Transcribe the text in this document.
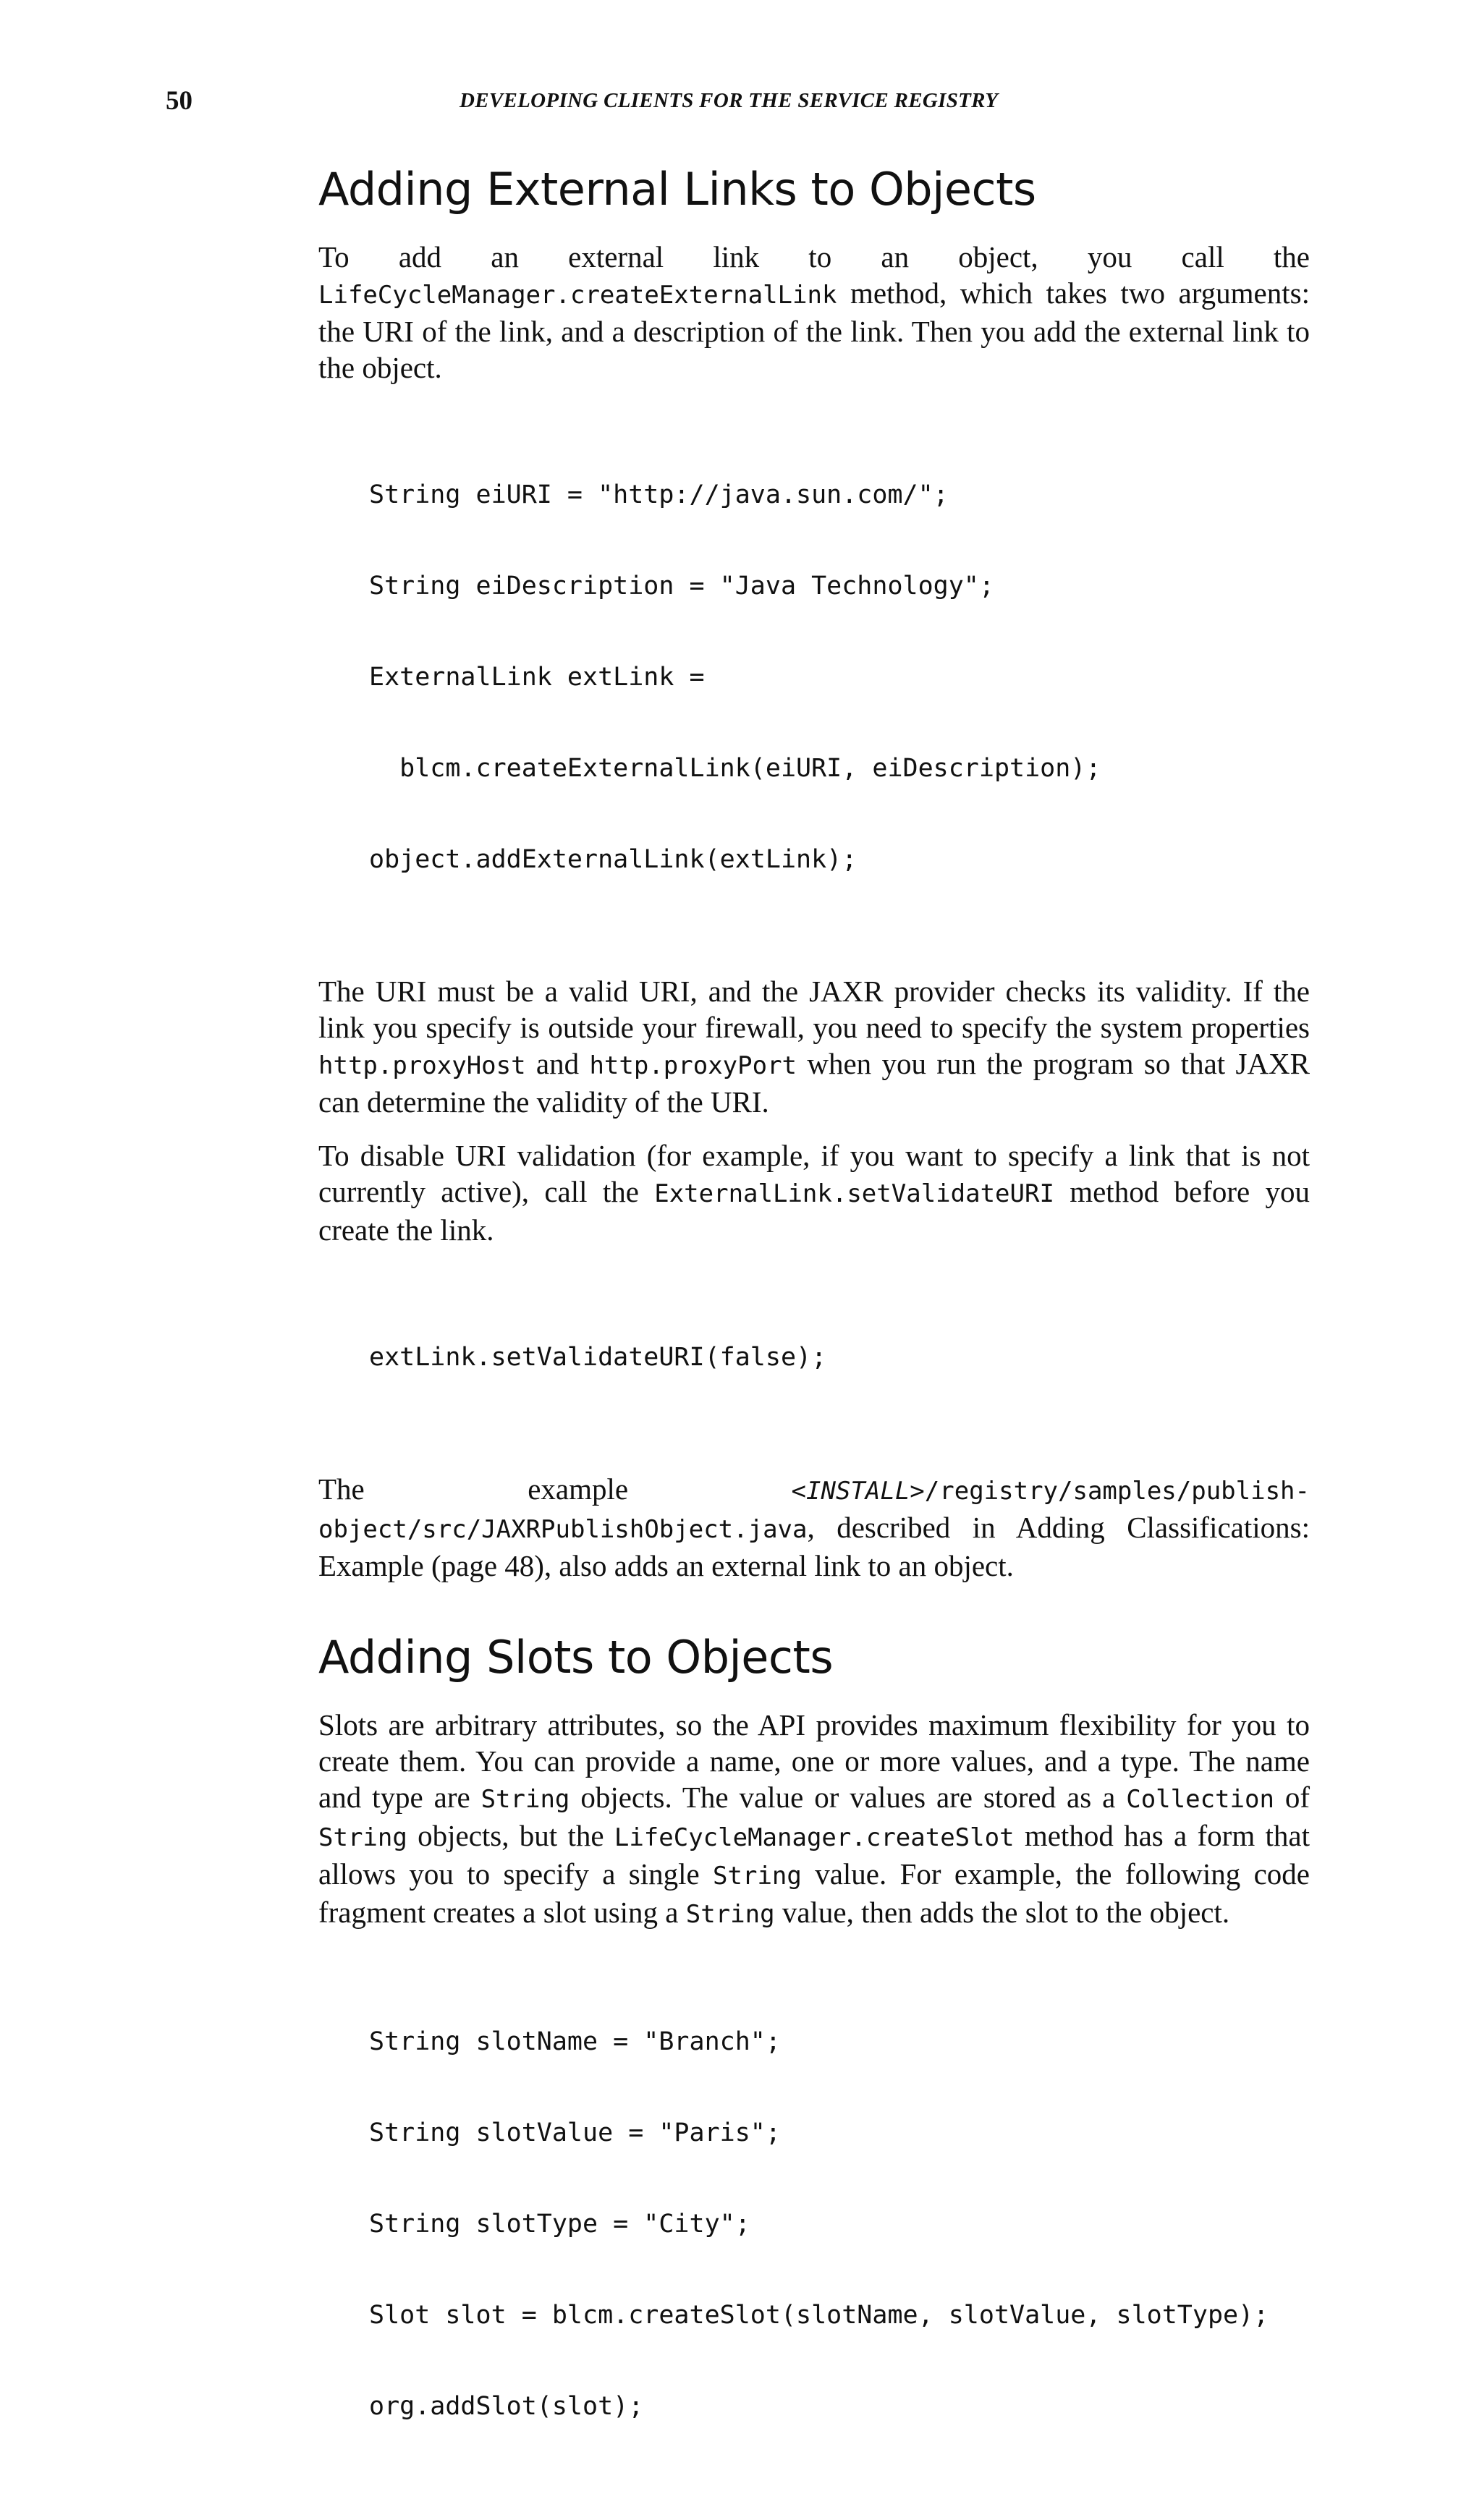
50	DEVELOPING CLIENTS FOR THE SERVICE REGISTRY
Adding External Links to Objects

To add an external link to an object, you call the LifeCycleManager.createExternalLink method, which takes two arguments: the URI of the link, and a description of the link. Then you add the external link to the object.

String eiURI = "http://java.sun.com/";

String eiDescription = "Java Technology";

ExternalLink extLink =

blcm.createExternalLink(eiURI, eiDescription);

object.addExternalLink(extLink);

The URI must be a valid URI, and the JAXR provider checks its validity. If the link you specify is outside your firewall, you need to specify the system properties http.proxyHost and http.proxyPort when you run the program so that JAXR can determine the validity of the URI.

To disable URI validation (for example, if you want to specify a link that is not currently active), call the ExternalLink.setValidateURI method before you create the link.

extLink.setValidateURI(false);

The example <INSTALL>/registry/samples/publish-object/src/JAXRPublishObject.java, described in Adding Classifications: Example (page 48), also adds an external link to an object.

Adding Slots to Objects

Slots are arbitrary attributes, so the API provides maximum flexibility for you to create them. You can provide a name, one or more values, and a type. The name and type are String objects. The value or values are stored as a Collection of String objects, but the LifeCycleManager.createSlot method has a form that allows you to specify a single String value. For example, the following code fragment creates a slot using a String value, then adds the slot to the object.

String slotName = "Branch";

String slotValue = "Paris";

String slotType = "City";

Slot slot = blcm.createSlot(slotName, slotValue, slotType);

org.addSlot(slot);
